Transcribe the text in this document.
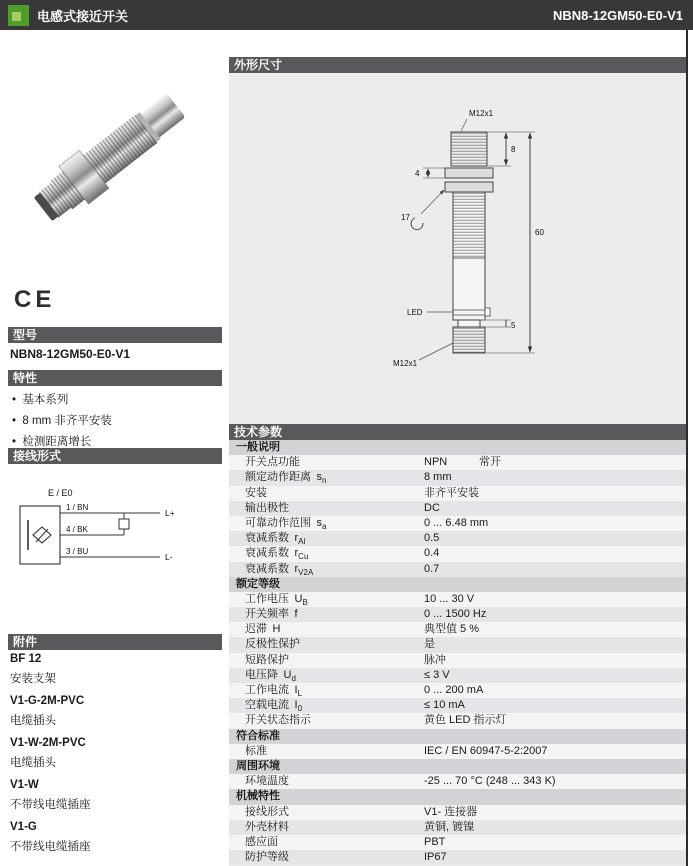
电感式接近开关	NBN8-12GM50-E0-V1
CE
型号
NBN8-12GM50-E0-V1
特性
•  基本系列
•  8 mm 非齐平安装
•  检测距离增长
接线形式
E / E0
1 / BN
4 / BK
3 / BU
L+
L-
附件
BF 12
安装支架
V1-G-2M-PVC
电缆插头
V1-W-2M-PVC
电缆插头
V1-W
不带线电缆插座
V1-G
不带线电缆插座
外形尺寸
M12x1
8
4
17
LED
5
60
M12x1
技术参数
一般说明
开关点功能	NPN	常开
额定动作距离 $s_n$	8 mm
安装	非齐平安装
输出极性	DC
可靠动作范围 $s_a$	0 ... 6.48 mm
衰减系数 $r_{Al}$	0.5
衰减系数 $r_{Cu}$	0.4
衰减系数 $r_{V2A}$	0.7
额定等级
工作电压 $U_B$	10 ... 30 V
开关频率 f	0 ... 1500 Hz
迟滞 H	典型值 5 %
反极性保护	是
短路保护	脉冲
电压降 $U_d$	≤ 3 V
工作电流 $I_L$	0 ... 200 mA
空载电流 $I_0$	≤ 10 mA
开关状态指示	黄色 LED 指示灯
符合标准
标准	IEC / EN 60947-5-2:2007
周围环境
环境温度	-25 ... 70 °C (248 ... 343 K)
机械特性
接线形式	V1- 连接器
外壳材料	黄铜, 镀镍
感应面	PBT
防护等级	IP67
